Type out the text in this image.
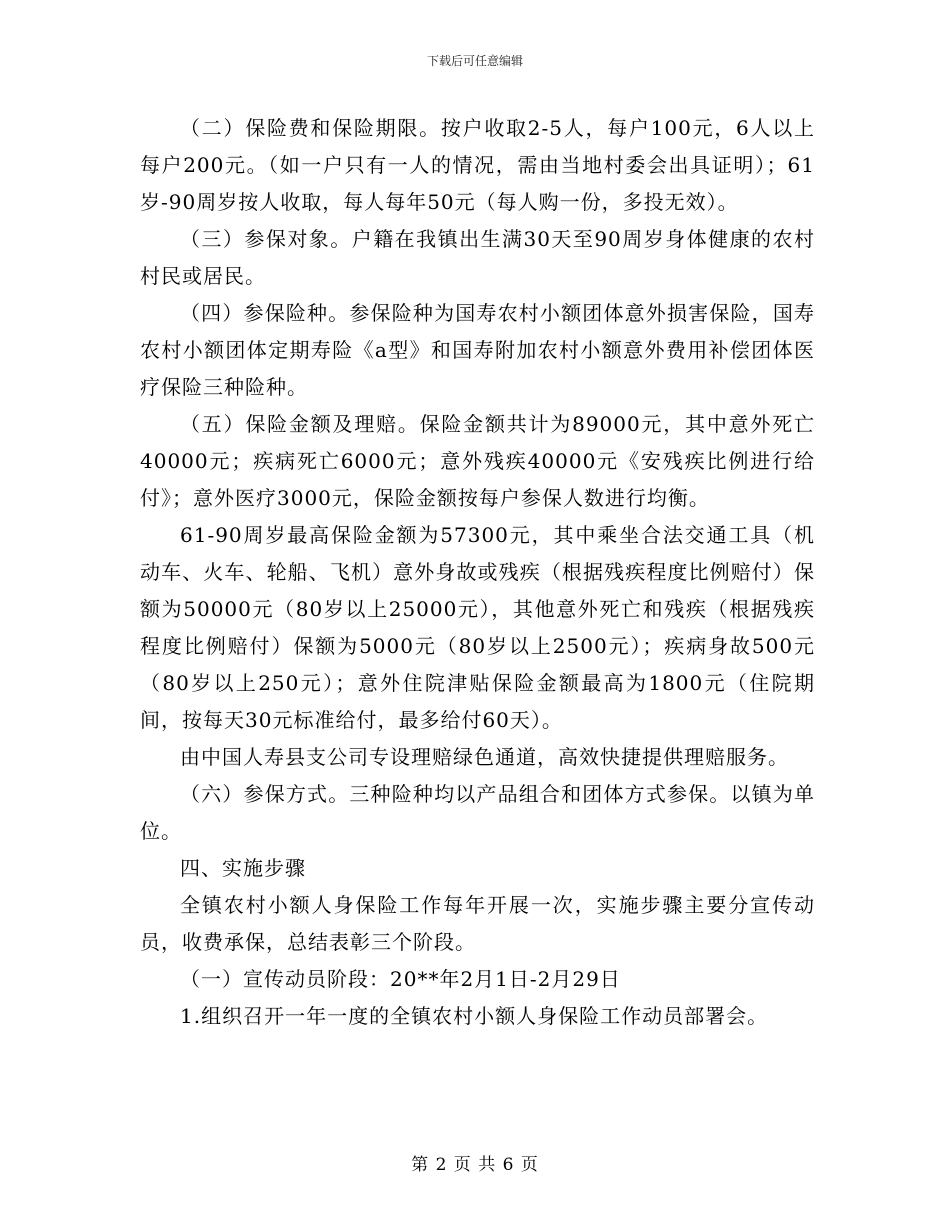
下载后可任意编辑

（二）保险费和保险期限。按户收取2-5人，每户100元，6人以上每户200元。（如一户只有一人的情况，需由当地村委会出具证明）；61岁-90周岁按人收取，每人每年50元（每人购一份，多投无效）。

（三）参保对象。户籍在我镇出生满30天至90周岁身体健康的农村村民或居民。

（四）参保险种。参保险种为国寿农村小额团体意外损害保险，国寿农村小额团体定期寿险《a型》和国寿附加农村小额意外费用补偿团体医疗保险三种险种。

（五）保险金额及理赔。保险金额共计为89000元，其中意外死亡40000元；疾病死亡6000元；意外残疾40000元《安残疾比例进行给付》；意外医疗3000元，保险金额按每户参保人数进行均衡。

61-90周岁最高保险金额为57300元，其中乘坐合法交通工具（机动车、火车、轮船、飞机）意外身故或残疾（根据残疾程度比例赔付）保额为50000元（80岁以上25000元），其他意外死亡和残疾（根据残疾程度比例赔付）保额为5000元（80岁以上2500元）；疾病身故500元（80岁以上250元）；意外住院津贴保险金额最高为1800元（住院期间，按每天30元标准给付，最多给付60天）。

由中国人寿县支公司专设理赔绿色通道，高效快捷提供理赔服务。

（六）参保方式。三种险种均以产品组合和团体方式参保。以镇为单位。

四、实施步骤

全镇农村小额人身保险工作每年开展一次，实施步骤主要分宣传动员，收费承保，总结表彰三个阶段。

（一）宣传动员阶段：20**年2月1日-2月29日

1.组织召开一年一度的全镇农村小额人身保险工作动员部署会。

第 2 页 共 6 页
